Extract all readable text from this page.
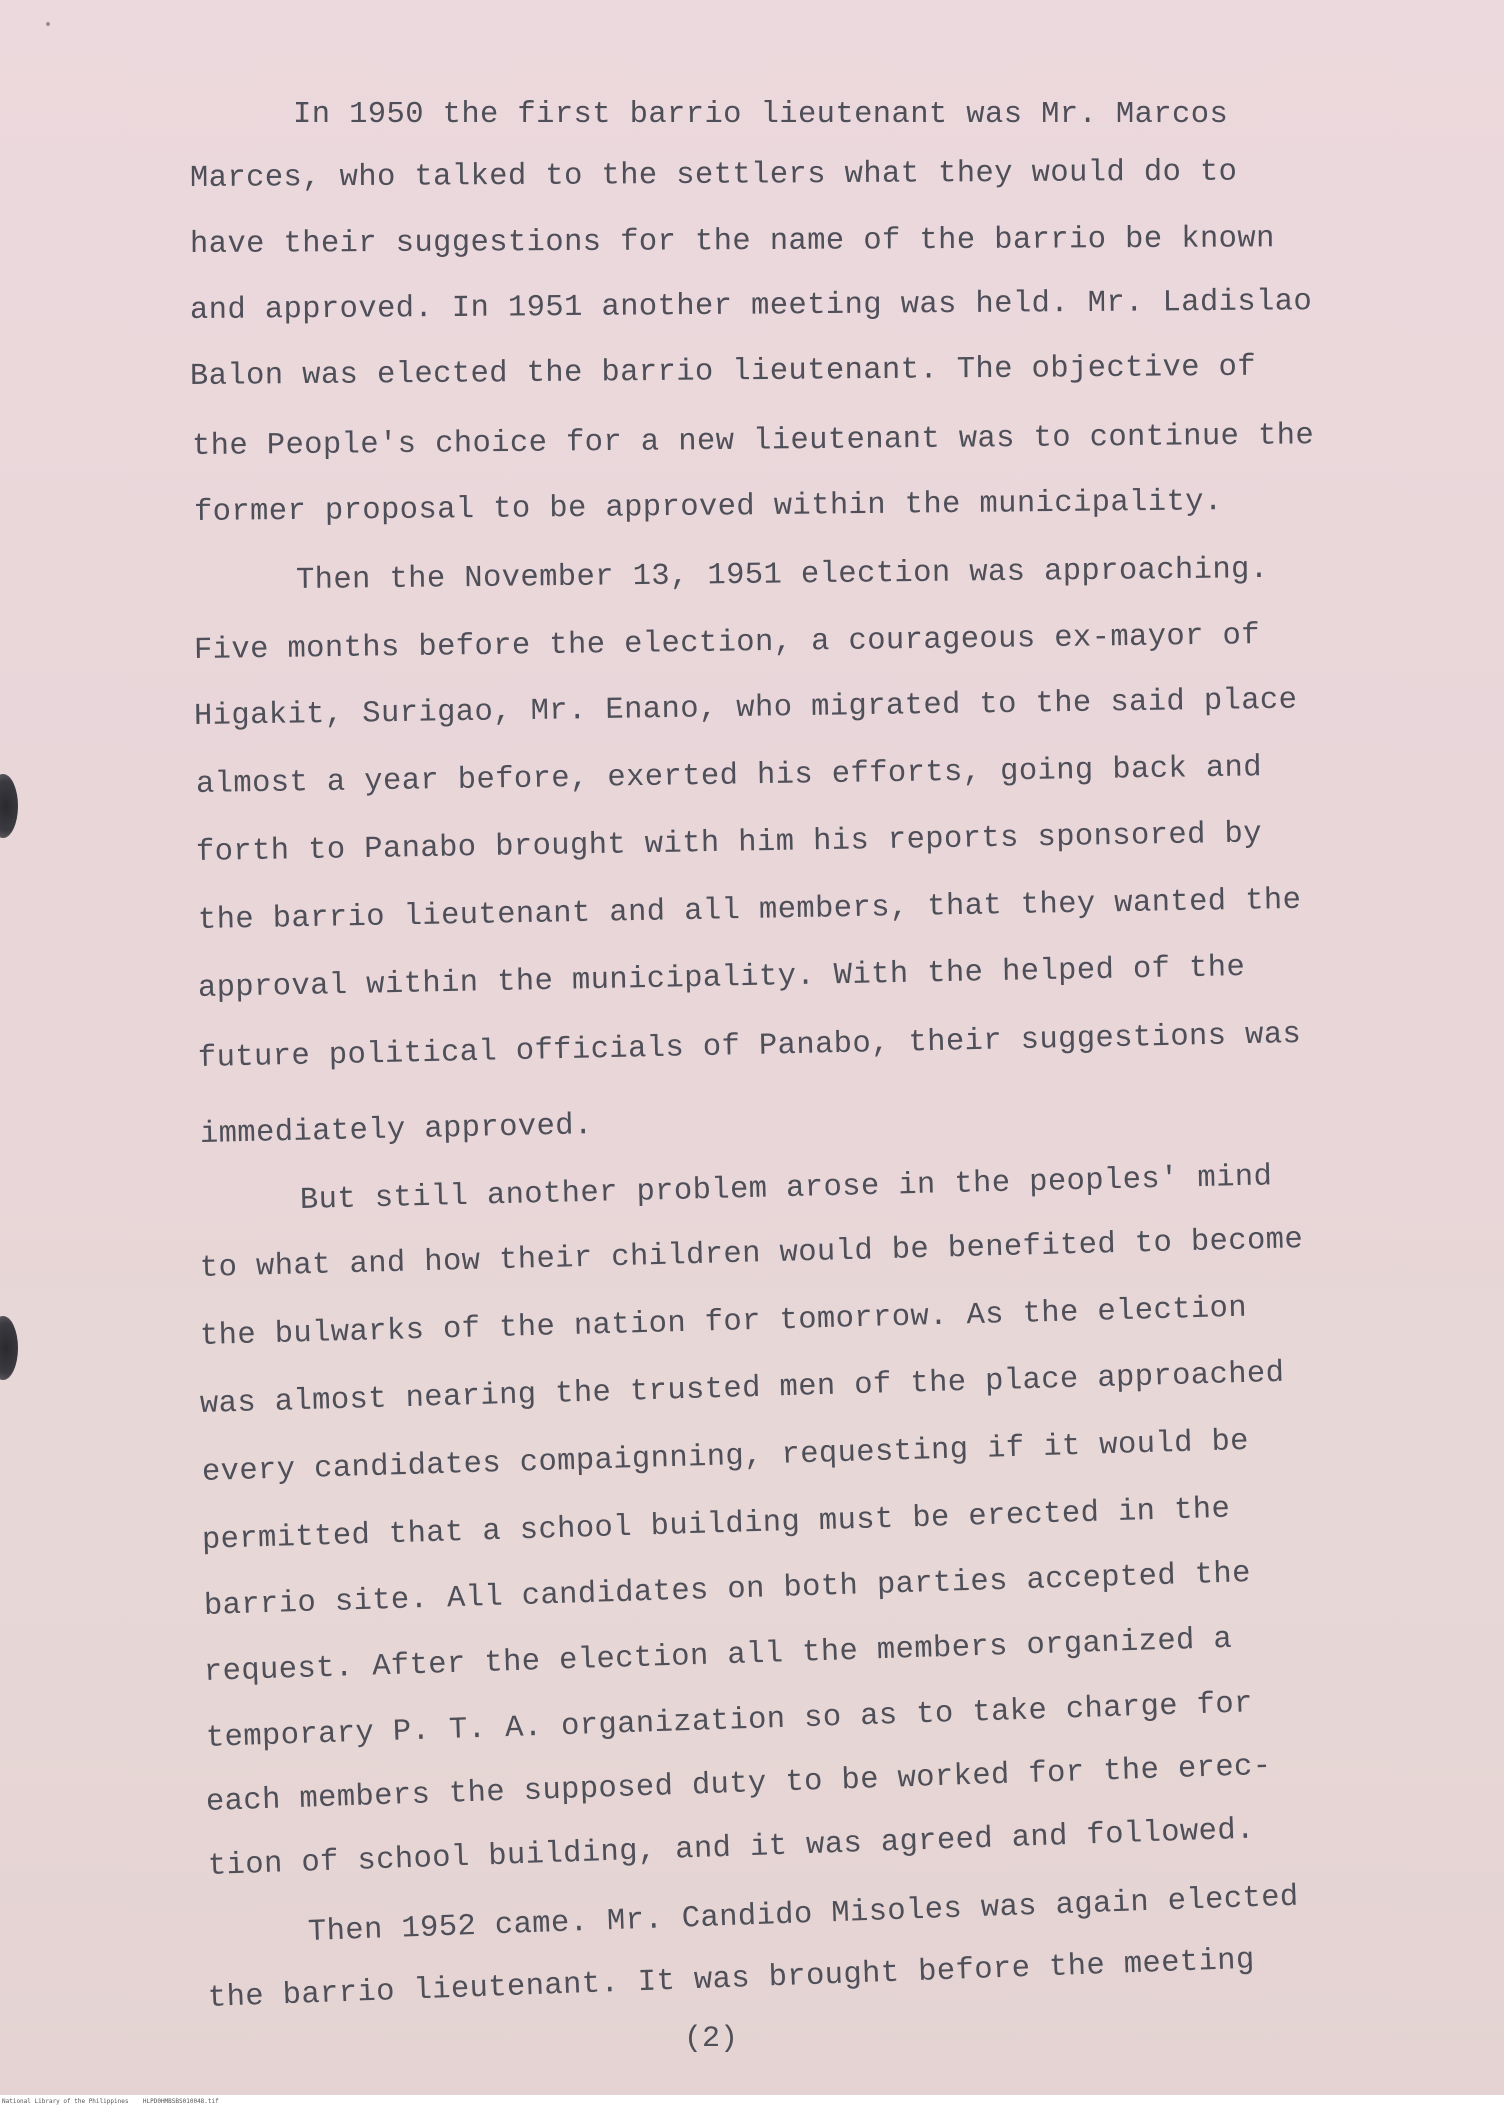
In 1950 the first barrio lieutenant was Mr. Marcos
Marces, who talked to the settlers what they would do to
have their suggestions for the name of the barrio be known
and approved. In 1951 another meeting was held. Mr. Ladislao
Balon was elected the barrio lieutenant. The objective of
the People's choice for a new lieutenant was to continue the
former proposal to be approved within the municipality.
Then the November 13, 1951 election was approaching.
Five months before the election, a courageous ex-mayor of
Higakit, Surigao, Mr. Enano, who migrated to the said place
almost a year before, exerted his efforts, going back and
forth to Panabo brought with him his reports sponsored by
the barrio lieutenant and all members, that they wanted the
approval within the municipality. With the helped of the
future political officials of Panabo, their suggestions was
immediately approved.
But still another problem arose in the peoples' mind
to what and how their children would be benefited to become
the bulwarks of the nation for tomorrow. As the election
was almost nearing the trusted men of the place approached
every candidates compaignning, requesting if it would be
permitted that a school building must be erected in the
barrio site. All candidates on both parties accepted the
request. After the election all the members organized a
temporary P. T. A. organization so as to take charge for
each members the supposed duty to be worked for the erec-
tion of school building, and it was agreed and followed.
Then 1952 came. Mr. Candido Misoles was again elected
the barrio lieutenant. It was brought before the meeting
(2)
National Library of the Philippines    HLPD0HMBSBS010048.tif
